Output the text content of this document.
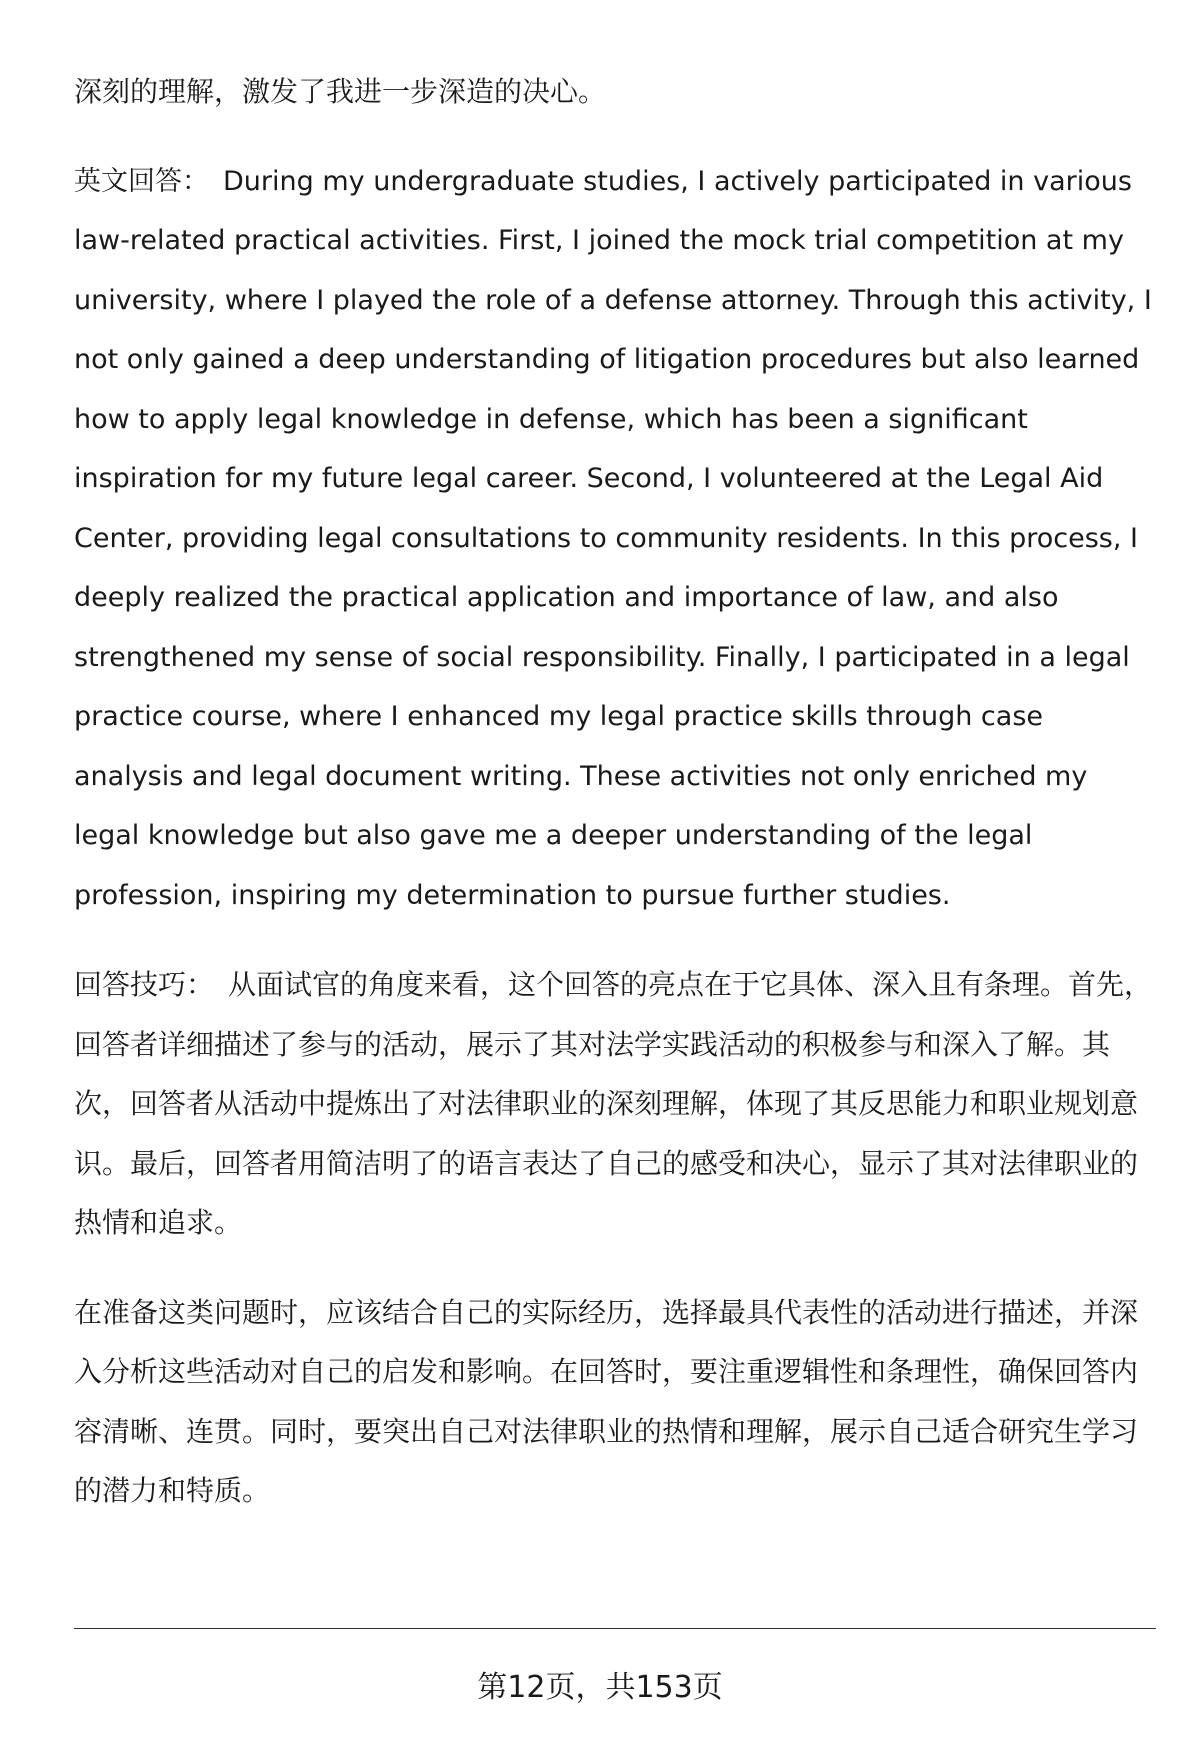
深刻的理解，激发了我进一步深造的决心。

英文回答： During my undergraduate studies, I actively participated in various law-related practical activities. First, I joined the mock trial competition at my university, where I played the role of a defense attorney. Through this activity, I not only gained a deep understanding of litigation procedures but also learned how to apply legal knowledge in defense, which has been a significant inspiration for my future legal career. Second, I volunteered at the Legal Aid Center, providing legal consultations to community residents. In this process, I deeply realized the practical application and importance of law, and also strengthened my sense of social responsibility. Finally, I participated in a legal practice course, where I enhanced my legal practice skills through case analysis and legal document writing. These activities not only enriched my legal knowledge but also gave me a deeper understanding of the legal profession, inspiring my determination to pursue further studies.

回答技巧： 从面试官的角度来看，这个回答的亮点在于它具体、深入且有条理。首先，回答者详细描述了参与的活动，展示了其对法学实践活动的积极参与和深入了解。其次，回答者从活动中提炼出了对法律职业的深刻理解，体现了其反思能力和职业规划意识。最后，回答者用简洁明了的语言表达了自己的感受和决心，显示了其对法律职业的热情和追求。

在准备这类问题时，应该结合自己的实际经历，选择最具代表性的活动进行描述，并深入分析这些活动对自己的启发和影响。在回答时，要注重逻辑性和条理性，确保回答内容清晰、连贯。同时，要突出自己对法律职业的热情和理解，展示自己适合研究生学习的潜力和特质。

第12页，共153页
